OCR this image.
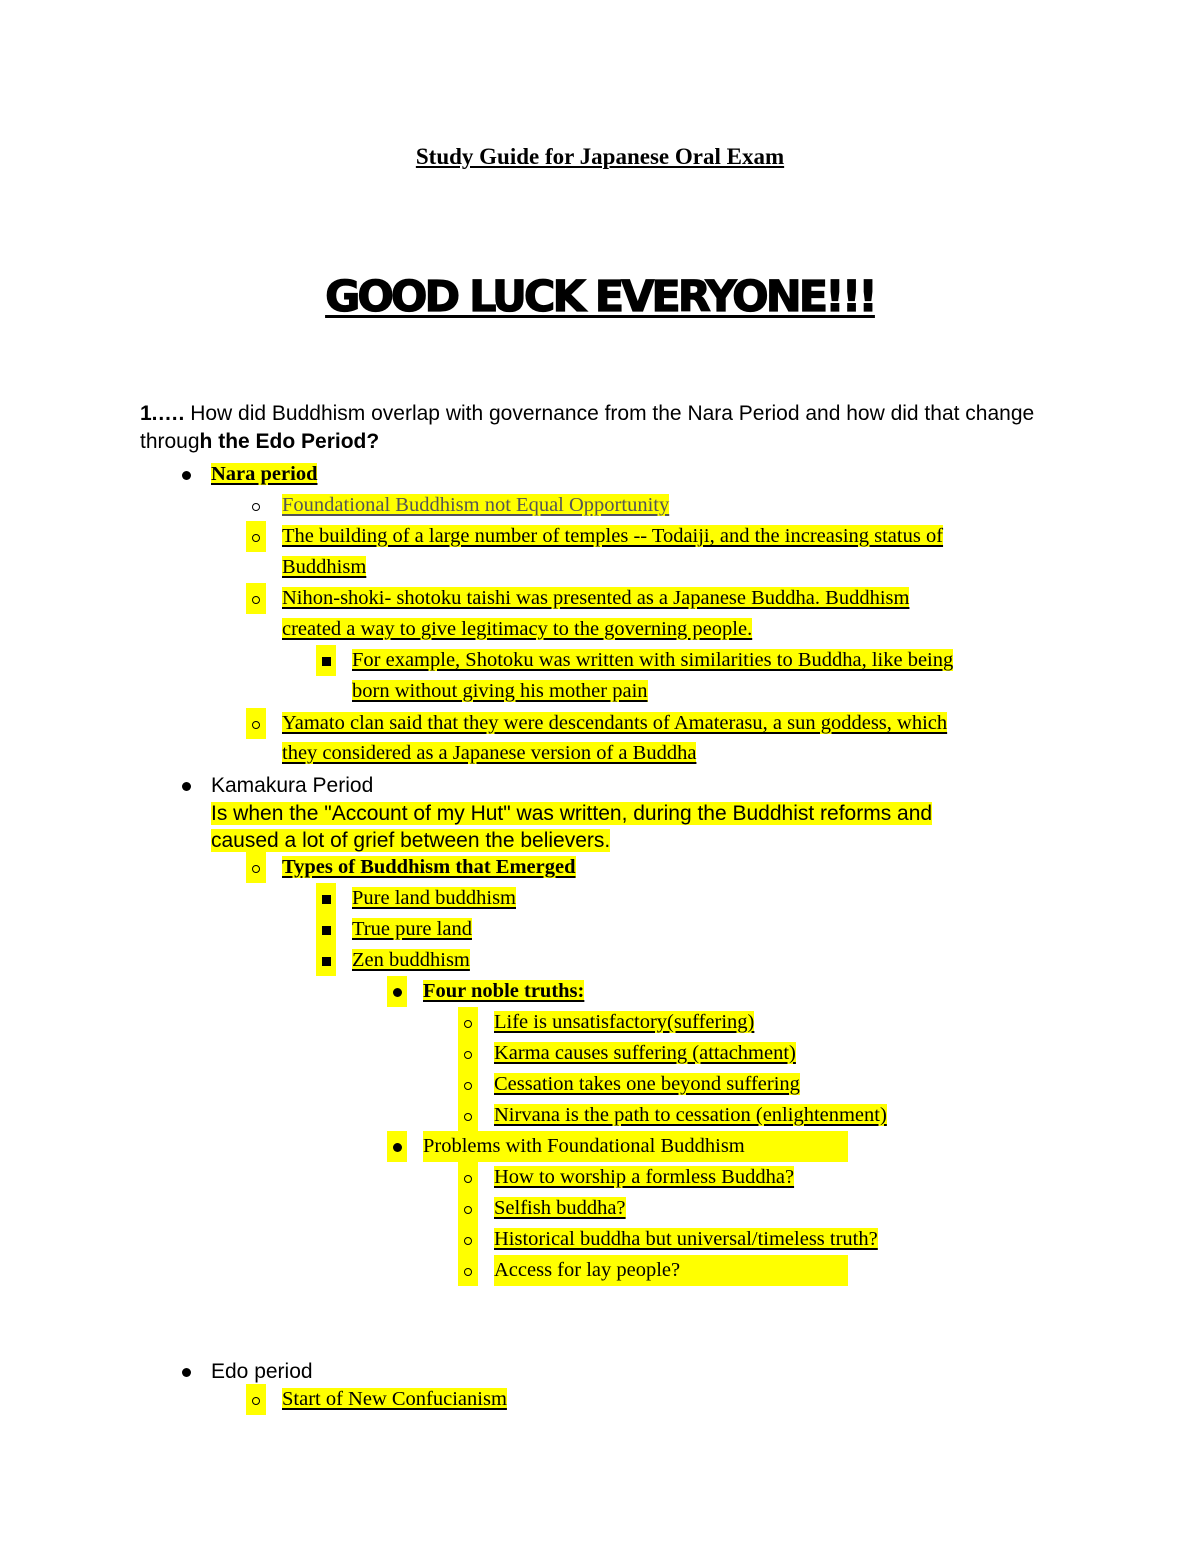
Study Guide for Japanese Oral Exam
GOOD LUCK EVERYONE!!!
1.…. How did Buddhism overlap with governance from the Nara Period and how did that change through the Edo Period?
Nara period
Foundational Buddhism not Equal Opportunity
The building of a large number of temples -- Todaiji, and the increasing status of
Buddhism
Nihon-shoki- shotoku taishi was presented as a Japanese Buddha. Buddhism
created a way to give legitimacy to the governing people.
For example, Shotoku was written with similarities to Buddha, like being
born without giving his mother pain
Yamato clan said that they were descendants of Amaterasu, a sun goddess, which
they considered as a Japanese version of a Buddha
Kamakura Period
Is when the "Account of my Hut" was written, during the Buddhist reforms and
caused a lot of grief between the believers.
Types of Buddhism that Emerged
Pure land buddhism
True pure land
Zen buddhism
Four noble truths:
Life is unsatisfactory(suffering)
Karma causes suffering (attachment)
Cessation takes one beyond suffering
Nirvana is the path to cessation (enlightenment)
Problems with Foundational Buddhism
How to worship a formless Buddha?
Selfish buddha?
Historical buddha but universal/timeless truth?
Access for lay people?
Edo period
Start of New Confucianism
